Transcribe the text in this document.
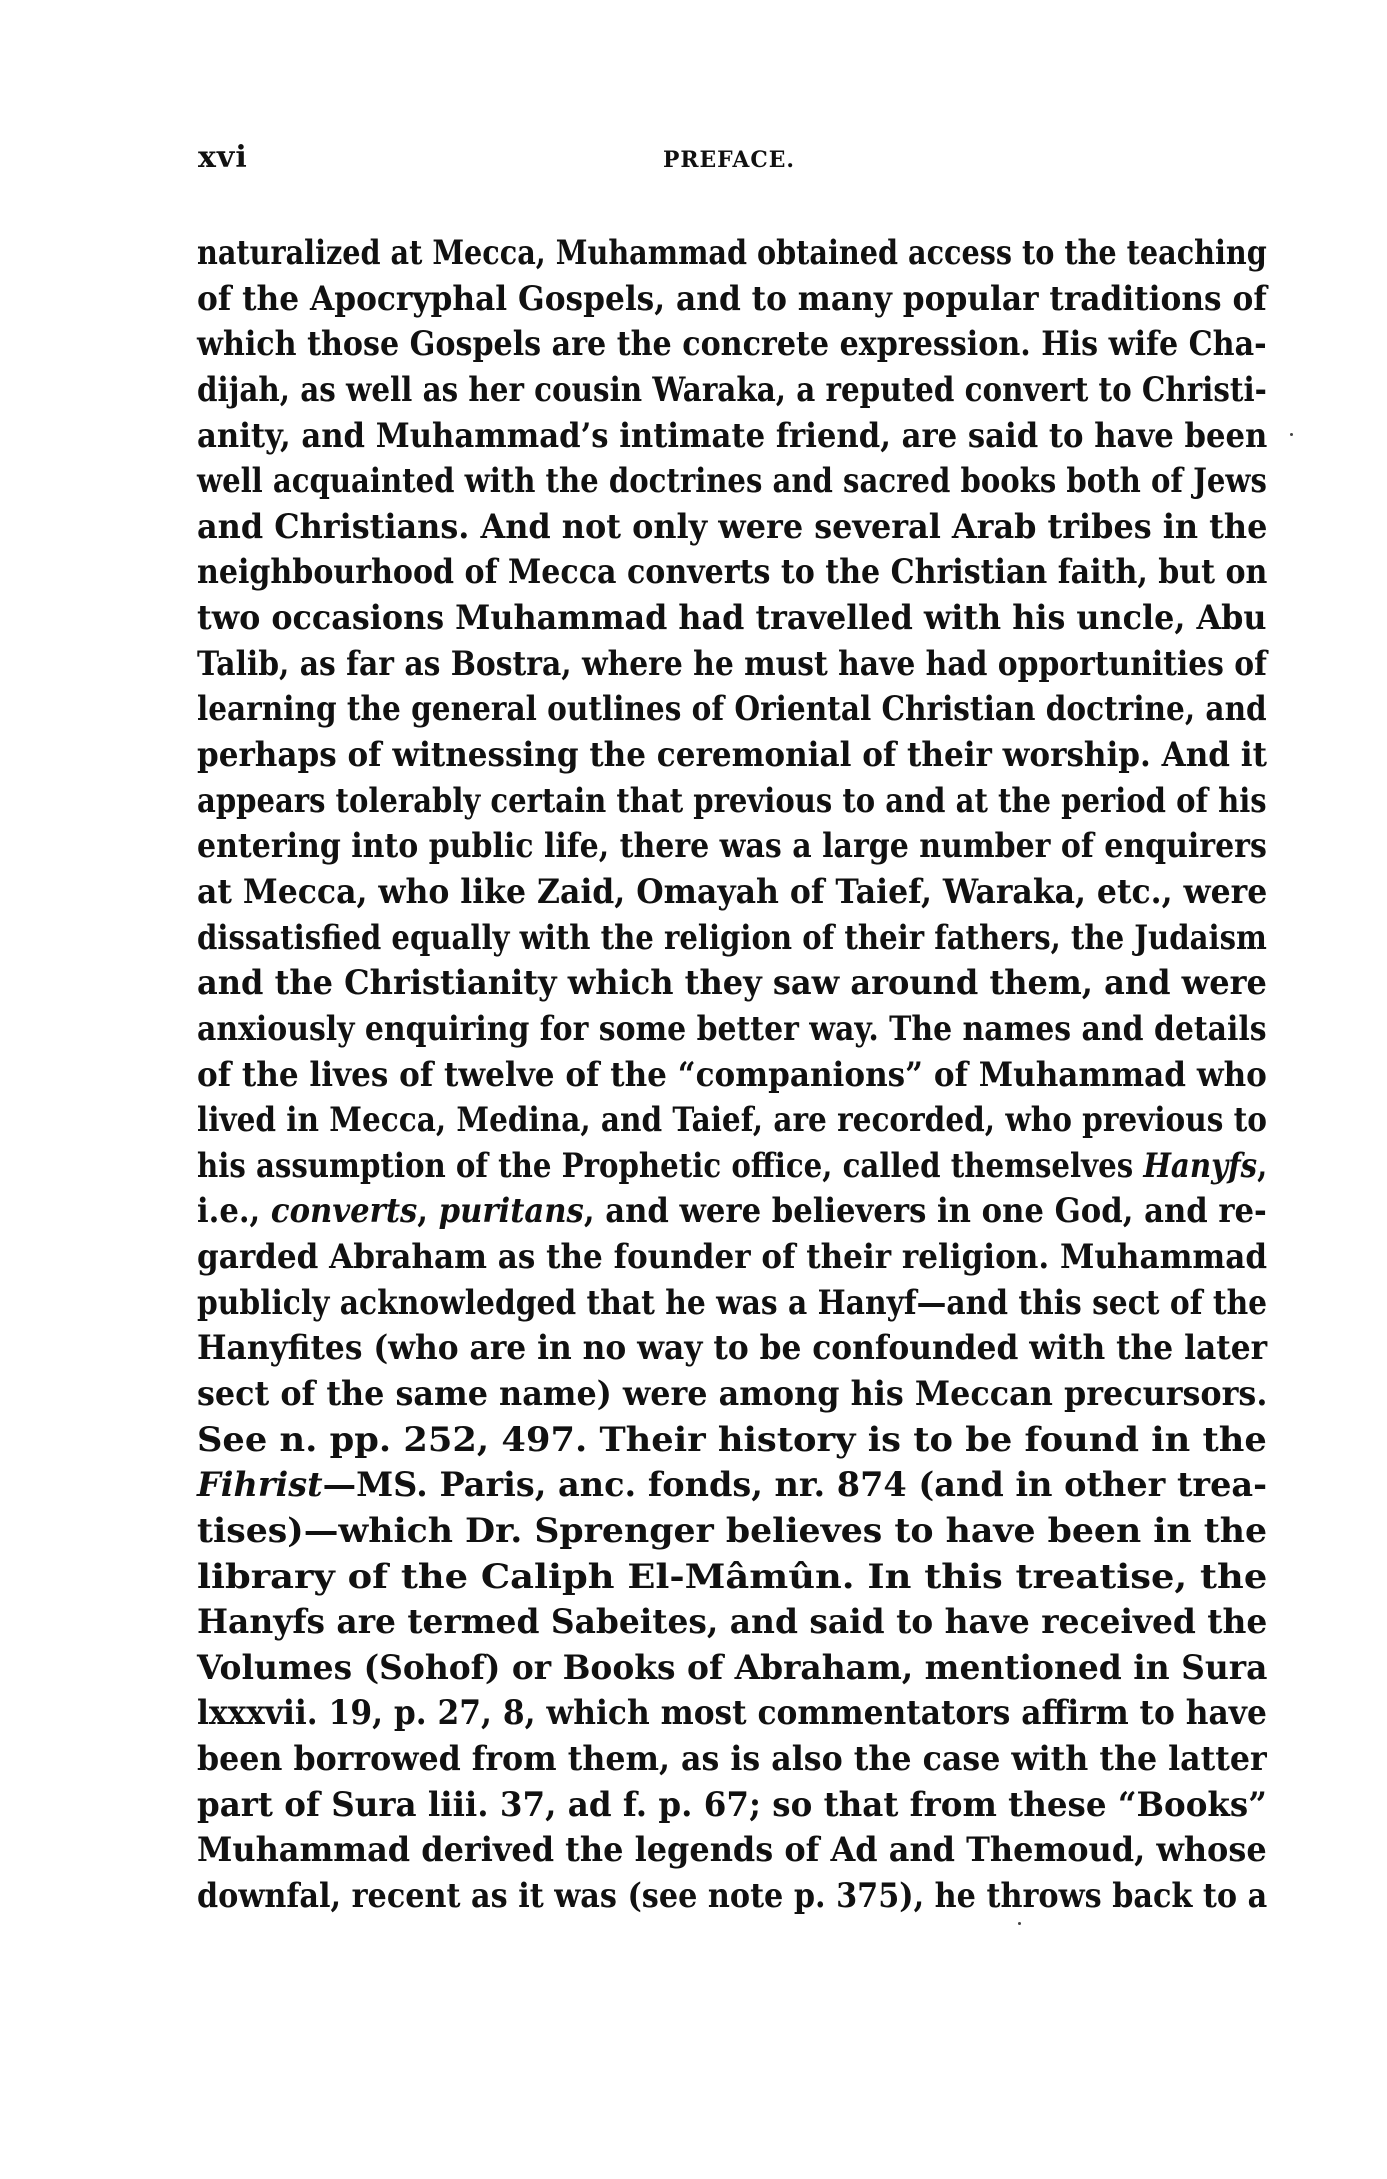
xvi	PREFACE.
naturalized at Mecca, Muhammad obtained access to the teaching
of the Apocryphal Gospels, and to many popular traditions of
which those Gospels are the concrete expression. His wife Cha-
dijah, as well as her cousin Waraka, a reputed convert to Christi-
anity, and Muhammad’s intimate friend, are said to have been
well acquainted with the doctrines and sacred books both of Jews
and Christians. And not only were several Arab tribes in the
neighbourhood of Mecca converts to the Christian faith, but on
two occasions Muhammad had travelled with his uncle, Abu
Talib, as far as Bostra, where he must have had opportunities of
learning the general outlines of Oriental Christian doctrine, and
perhaps of witnessing the ceremonial of their worship. And it
appears tolerably certain that previous to and at the period of his
entering into public life, there was a large number of enquirers
at Mecca, who like Zaid, Omayah of Taief, Waraka, etc., were
dissatisfied equally with the religion of their fathers, the Judaism
and the Christianity which they saw around them, and were
anxiously enquiring for some better way. The names and details
of the lives of twelve of the “companions” of Muhammad who
lived in Mecca, Medina, and Taief, are recorded, who previous to
his assumption of the Prophetic office, called themselves Hanyfs,
i.e., converts, puritans, and were believers in one God, and re-
garded Abraham as the founder of their religion. Muhammad
publicly acknowledged that he was a Hanyf—and this sect of the
Hanyfites (who are in no way to be confounded with the later
sect of the same name) were among his Meccan precursors.
See n. pp. 252, 497. Their history is to be found in the
Fihrist—MS. Paris, anc. fonds, nr. 874 (and in other trea-
tises)—which Dr. Sprenger believes to have been in the
library of the Caliph El-Mâmûn. In this treatise, the
Hanyfs are termed Sabeites, and said to have received the
Volumes (Sohof) or Books of Abraham, mentioned in Sura
lxxxvii. 19, p. 27, 8, which most commentators affirm to have
been borrowed from them, as is also the case with the latter
part of Sura liii. 37, ad f. p. 67; so that from these “Books”
Muhammad derived the legends of Ad and Themoud, whose
downfal, recent as it was (see note p. 375), he throws back to a
